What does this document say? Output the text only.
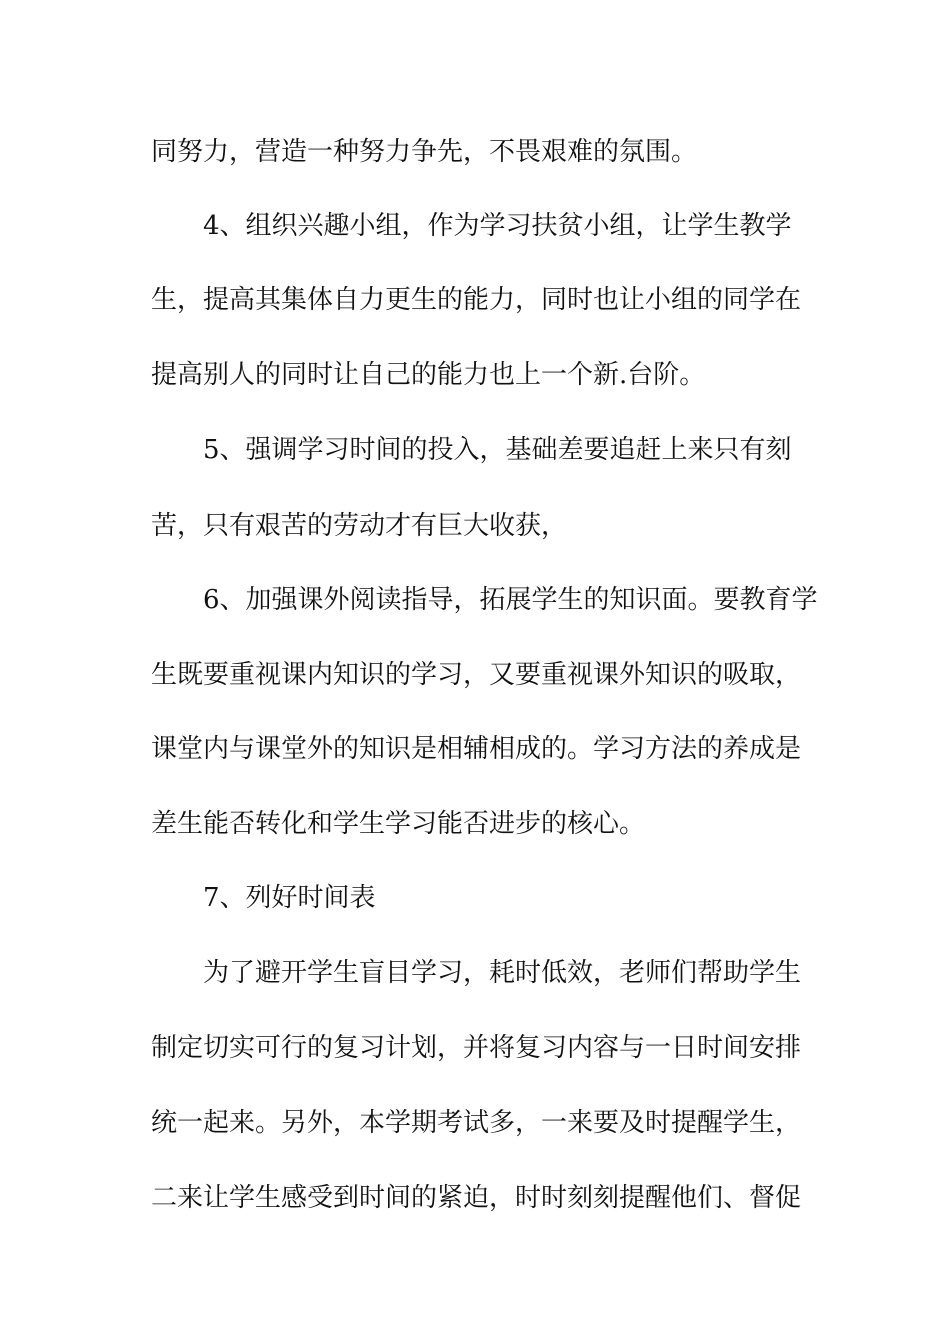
同努力，营造一种努力争先，不畏艰难的氛围。
4、组织兴趣小组，作为学习扶贫小组，让学生教学
生，提高其集体自力更生的能力，同时也让小组的同学在
提高别人的同时让自己的能力也上一个新.台阶。
5、强调学习时间的投入，基础差要追赶上来只有刻
苦，只有艰苦的劳动才有巨大收获，
6、加强课外阅读指导，拓展学生的知识面。要教育学
生既要重视课内知识的学习，又要重视课外知识的吸取，
课堂内与课堂外的知识是相辅相成的。学习方法的养成是
差生能否转化和学生学习能否进步的核心。
7、列好时间表
为了避开学生盲目学习，耗时低效，老师们帮助学生
制定切实可行的复习计划，并将复习内容与一日时间安排
统一起来。另外，本学期考试多，一来要及时提醒学生，
二来让学生感受到时间的紧迫，时时刻刻提醒他们、督促
